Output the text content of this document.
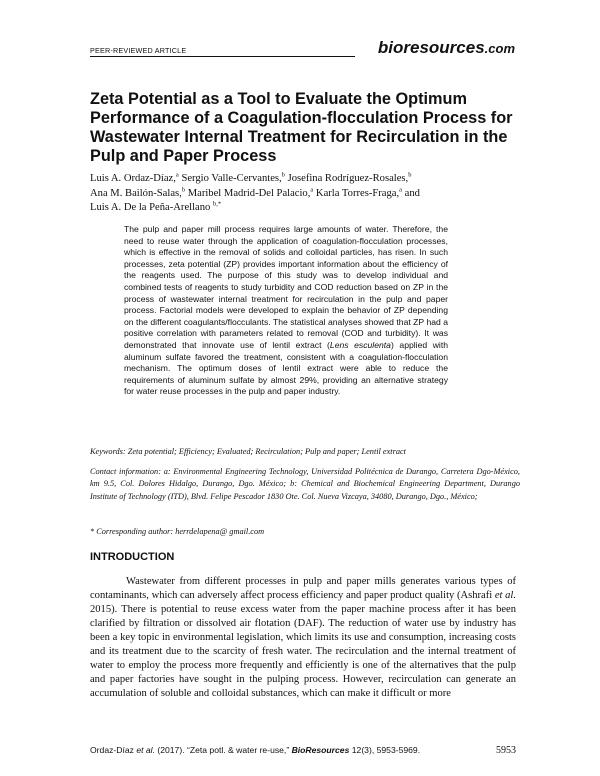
PEER-REVIEWED ARTICLE	bioresources.com
Zeta Potential as a Tool to Evaluate the Optimum Performance of a Coagulation-flocculation Process for Wastewater Internal Treatment for Recirculation in the Pulp and Paper Process
Luis A. Ordaz-Díaz,$^a$ Sergio Valle-Cervantes,$^b$ Josefina Rodríguez-Rosales,$^b$
Ana M. Bailón-Salas,$^b$ Maribel Madrid-Del Palacio,$^a$ Karla Torres-Fraga,$^a$ and
Luis A. De la Peña-Arellano $^{b,*}$
The pulp and paper mill process requires large amounts of water. Therefore, the need to reuse water through the application of coagulation-flocculation processes, which is effective in the removal of solids and colloidal particles, has risen. In such processes, zeta potential (ZP) provides important information about the efficiency of the reagents used. The purpose of this study was to develop individual and combined tests of reagents to study turbidity and COD reduction based on ZP in the process of wastewater internal treatment for recirculation in the pulp and paper process. Factorial models were developed to explain the behavior of ZP depending on the different coagulants/flocculants. The statistical analyses showed that ZP had a positive correlation with parameters related to removal (COD and turbidity). It was demonstrated that innovate use of lentil extract (Lens esculenta) applied with aluminum sulfate favored the treatment, consistent with a coagulation-flocculation mechanism. The optimum doses of lentil extract were able to reduce the requirements of aluminum sulfate by almost 29%, providing an alternative strategy for water reuse processes in the pulp and paper industry.
Keywords: Zeta potential; Efficiency; Evaluated; Recirculation; Pulp and paper; Lentil extract
Contact information: a: Environmental Engineering Technology, Universidad Politécnica de Durango, Carretera Dgo-México, km 9.5, Col. Dolores Hidalgo, Durango, Dgo. México; b: Chemical and Biochemical Engineering Department, Durango Institute of Technology (ITD), Blvd. Felipe Pescador 1830 Ote. Col. Nueva Vizcaya, 34080, Durango, Dgo., México;
* Corresponding author: herrdelapena@ gmail.com
INTRODUCTION
Wastewater from different processes in pulp and paper mills generates various types of contaminants, which can adversely affect process efficiency and paper product quality (Ashrafi et al. 2015). There is potential to reuse excess water from the paper machine process after it has been clarified by filtration or dissolved air flotation (DAF). The reduction of water use by industry has been a key topic in environmental legislation, which limits its use and consumption, increasing costs and its treatment due to the scarcity of fresh water. The recirculation and the internal treatment of water to employ the process more frequently and efficiently is one of the alternatives that the pulp and paper factories have sought in the pulping process. However, recirculation can generate an accumulation of soluble and colloidal substances, which can make it difficult or more
Ordaz-Díaz et al. (2017). “Zeta potl. & water re-use,” BioResources 12(3), 5953-5969.	5953
